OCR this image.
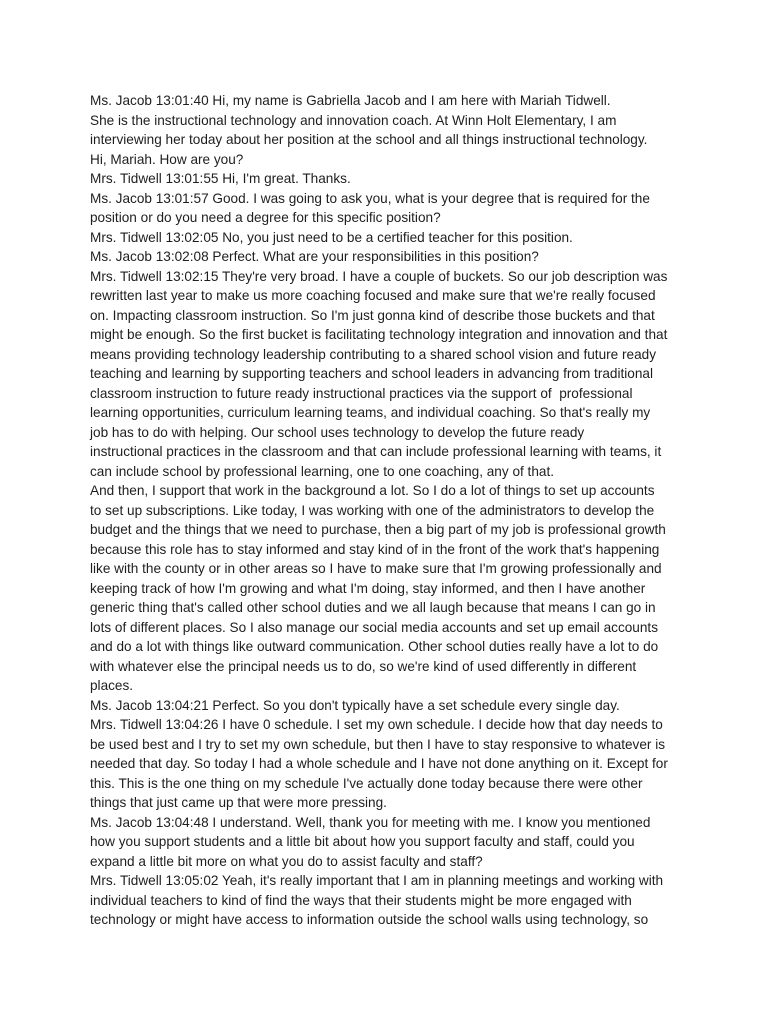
Ms. Jacob 13:01:40 Hi, my name is Gabriella Jacob and I am here with Mariah Tidwell.
She is the instructional technology and innovation coach. At Winn Holt Elementary, I am
interviewing her today about her position at the school and all things instructional technology.
Hi, Mariah. How are you?
Mrs. Tidwell 13:01:55 Hi, I'm great. Thanks.
Ms. Jacob 13:01:57 Good. I was going to ask you, what is your degree that is required for the
position or do you need a degree for this specific position?
Mrs. Tidwell 13:02:05 No, you just need to be a certified teacher for this position.
Ms. Jacob 13:02:08 Perfect. What are your responsibilities in this position?
Mrs. Tidwell 13:02:15 They're very broad. I have a couple of buckets. So our job description was
rewritten last year to make us more coaching focused and make sure that we're really focused
on. Impacting classroom instruction. So I'm just gonna kind of describe those buckets and that
might be enough. So the first bucket is facilitating technology integration and innovation and that
means providing technology leadership contributing to a shared school vision and future ready
teaching and learning by supporting teachers and school leaders in advancing from traditional
classroom instruction to future ready instructional practices via the support of  professional
learning opportunities, curriculum learning teams, and individual coaching. So that's really my
job has to do with helping. Our school uses technology to develop the future ready
instructional practices in the classroom and that can include professional learning with teams, it
can include school by professional learning, one to one coaching, any of that.
And then, I support that work in the background a lot. So I do a lot of things to set up accounts
to set up subscriptions. Like today, I was working with one of the administrators to develop the
budget and the things that we need to purchase, then a big part of my job is professional growth
because this role has to stay informed and stay kind of in the front of the work that's happening
like with the county or in other areas so I have to make sure that I'm growing professionally and
keeping track of how I'm growing and what I'm doing, stay informed, and then I have another
generic thing that's called other school duties and we all laugh because that means I can go in
lots of different places. So I also manage our social media accounts and set up email accounts
and do a lot with things like outward communication. Other school duties really have a lot to do
with whatever else the principal needs us to do, so we're kind of used differently in different
places.
Ms. Jacob 13:04:21 Perfect. So you don't typically have a set schedule every single day.
Mrs. Tidwell 13:04:26 I have 0 schedule. I set my own schedule. I decide how that day needs to
be used best and I try to set my own schedule, but then I have to stay responsive to whatever is
needed that day. So today I had a whole schedule and I have not done anything on it. Except for
this. This is the one thing on my schedule I've actually done today because there were other
things that just came up that were more pressing.
Ms. Jacob 13:04:48 I understand. Well, thank you for meeting with me. I know you mentioned
how you support students and a little bit about how you support faculty and staff, could you
expand a little bit more on what you do to assist faculty and staff?
Mrs. Tidwell 13:05:02 Yeah, it's really important that I am in planning meetings and working with
individual teachers to kind of find the ways that their students might be more engaged with
technology or might have access to information outside the school walls using technology, so
